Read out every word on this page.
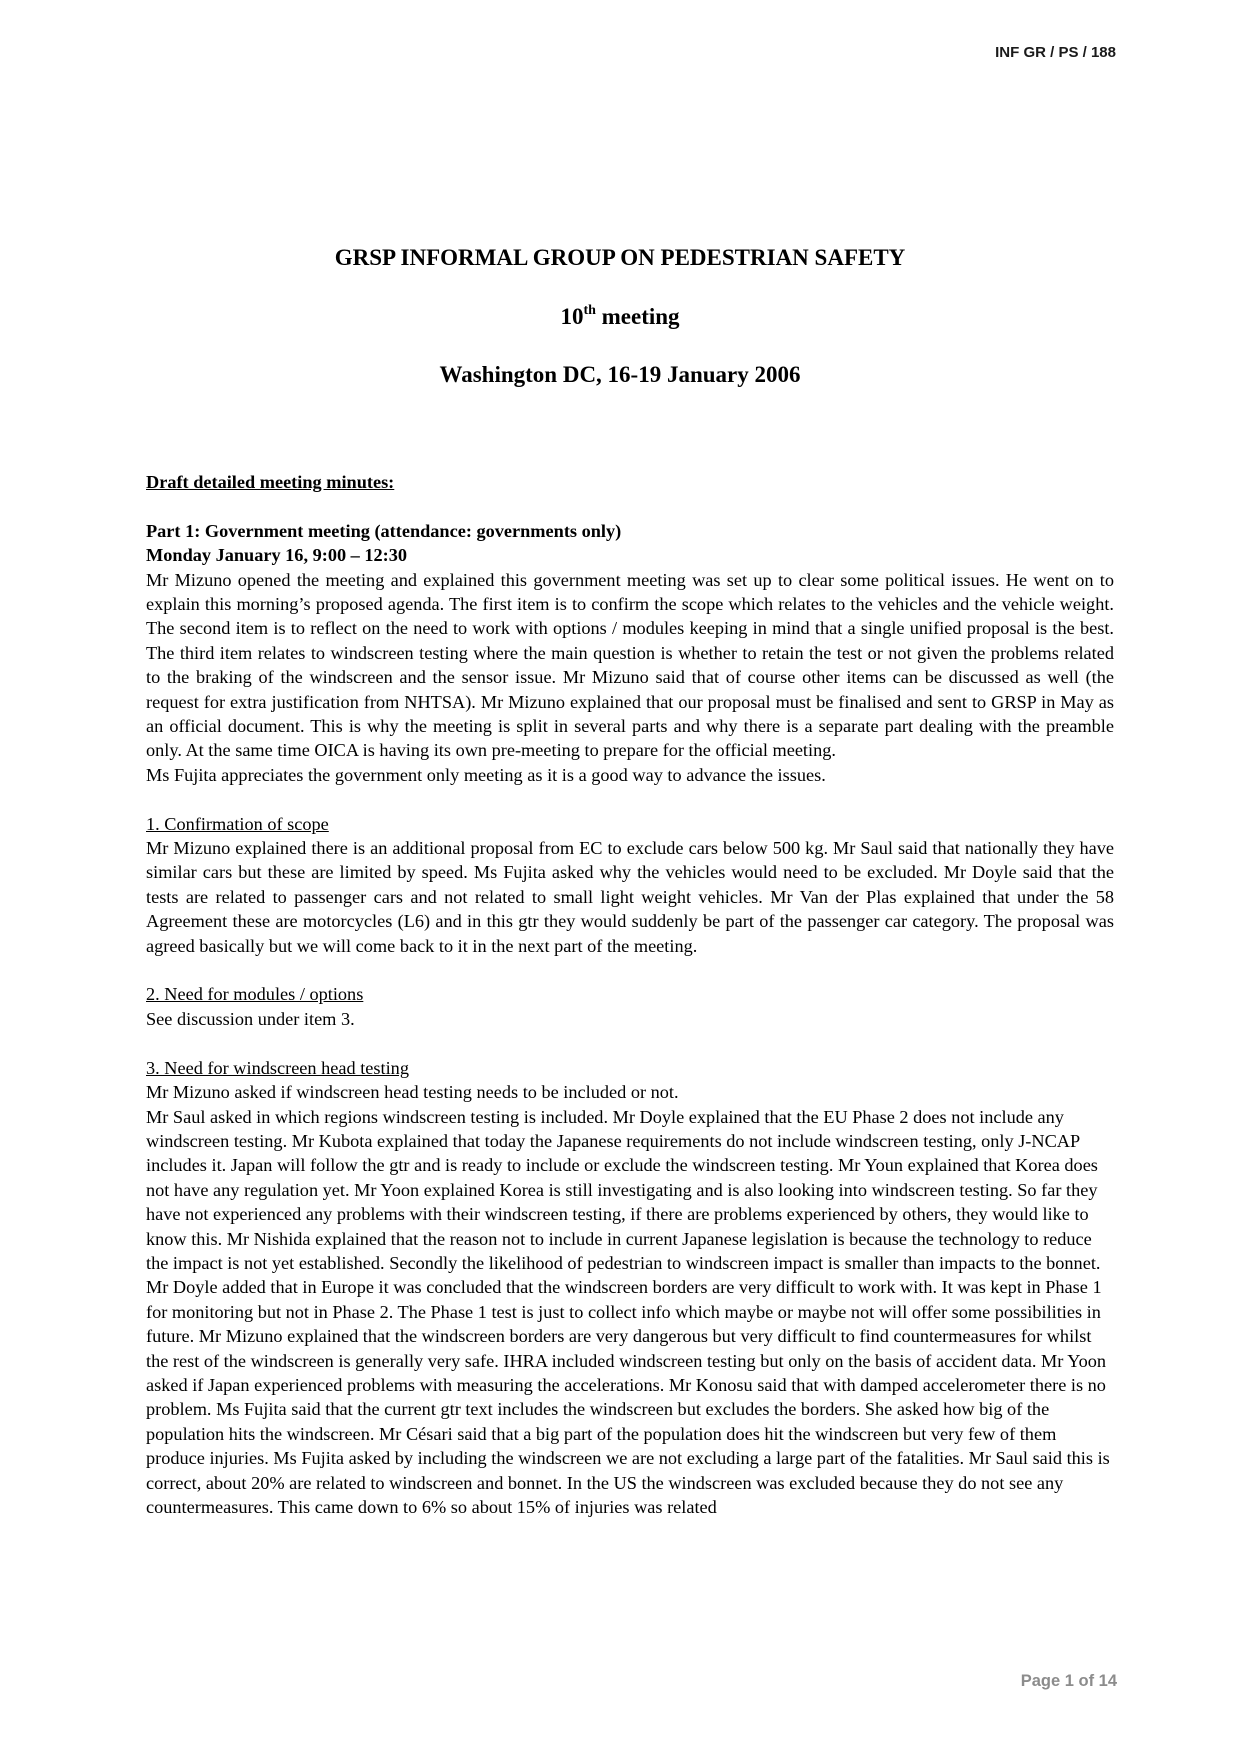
INF GR / PS / 188
GRSP INFORMAL GROUP ON PEDESTRIAN SAFETY
10th meeting
Washington DC, 16-19 January 2006

Draft detailed meeting minutes:

Part 1: Government meeting (attendance: governments only)

Monday January 16, 9:00 – 12:30

Mr Mizuno opened the meeting and explained this government meeting was set up to clear some political issues. He went on to explain this morning’s proposed agenda. The first item is to confirm the scope which relates to the vehicles and the vehicle weight. The second item is to reflect on the need to work with options / modules keeping in mind that a single unified proposal is the best. The third item relates to windscreen testing where the main question is whether to retain the test or not given the problems related to the braking of the windscreen and the sensor issue. Mr Mizuno said that of course other items can be discussed as well (the request for extra justification from NHTSA). Mr Mizuno explained that our proposal must be finalised and sent to GRSP in May as an official document. This is why the meeting is split in several parts and why there is a separate part dealing with the preamble only. At the same time OICA is having its own pre-meeting to prepare for the official meeting.

Ms Fujita appreciates the government only meeting as it is a good way to advance the issues.

1. Confirmation of scope

Mr Mizuno explained there is an additional proposal from EC to exclude cars below 500 kg. Mr Saul said that nationally they have similar cars but these are limited by speed. Ms Fujita asked why the vehicles would need to be excluded. Mr Doyle said that the tests are related to passenger cars and not related to small light weight vehicles. Mr Van der Plas explained that under the 58 Agreement these are motorcycles (L6) and in this gtr they would suddenly be part of the passenger car category. The proposal was agreed basically but we will come back to it in the next part of the meeting.

2. Need for modules / options

See discussion under item 3.

3. Need for windscreen head testing

Mr Mizuno asked if windscreen head testing needs to be included or not.

Mr Saul asked in which regions windscreen testing is included. Mr Doyle explained that the EU Phase 2 does not include any windscreen testing. Mr Kubota explained that today the Japanese requirements do not include windscreen testing, only J-NCAP includes it. Japan will follow the gtr and is ready to include or exclude the windscreen testing. Mr Youn explained that Korea does not have any regulation yet. Mr Yoon explained Korea is still investigating and is also looking into windscreen testing. So far they have not experienced any problems with their windscreen testing, if there are problems experienced by others, they would like to know this. Mr Nishida explained that the reason not to include in current Japanese legislation is because the technology to reduce the impact is not yet established. Secondly the likelihood of pedestrian to windscreen impact is smaller than impacts to the bonnet. Mr Doyle added that in Europe it was concluded that the windscreen borders are very difficult to work with. It was kept in Phase 1 for monitoring but not in Phase 2. The Phase 1 test is just to collect info which maybe or maybe not will offer some possibilities in future. Mr Mizuno explained that the windscreen borders are very dangerous but very difficult to find countermeasures for whilst the rest of the windscreen is generally very safe. IHRA included windscreen testing but only on the basis of accident data. Mr Yoon asked if Japan experienced problems with measuring the accelerations. Mr Konosu said that with damped accelerometer there is no problem. Ms Fujita said that the current gtr text includes the windscreen but excludes the borders. She asked how big of the population hits the windscreen. Mr Césari said that a big part of the population does hit the windscreen but very few of them produce injuries. Ms Fujita asked by including the windscreen we are not excluding a large part of the fatalities. Mr Saul said this is correct, about 20% are related to windscreen and bonnet. In the US the windscreen was excluded because they do not see any countermeasures. This came down to 6% so about 15% of injuries was related

Page 1 of 14
